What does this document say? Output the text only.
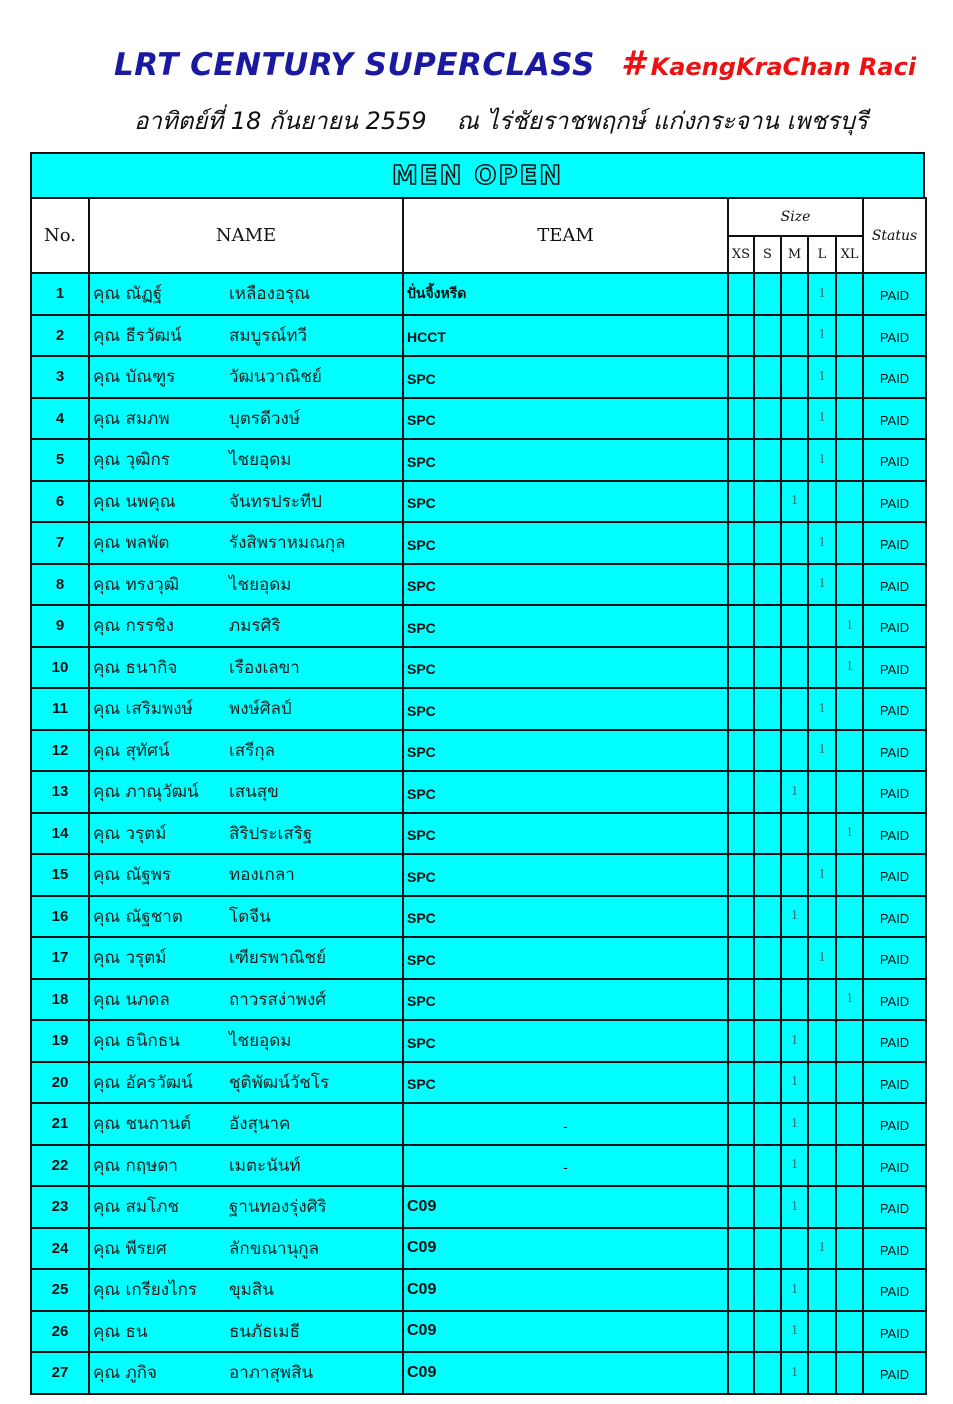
LRT CENTURY SUPERCLASS # KaengKraChan Raci
อาทิตย์ที่ 18 กันยายน 2559 ณ ไร่ชัยราชพฤกษ์ แก่งกระจาน เพชรบุรี
MEN OPEN
No.	NAME	TEAM	Size					Status
			XS	S	M	L	XL	
1	คุณ ณัฏฐ์ เหลืองอรุณ	ปั่นจิ้งหรีด				1		PAID
2	คุณ ธีรวัฒน์ สมบูรณ์ทวี	HCCT				1		PAID
3	คุณ บัณฑูร วัฒนวาณิชย์	SPC				1		PAID
4	คุณ สมภพ บุตรดีวงษ์	SPC				1		PAID
5	คุณ วุฒิกร ไชยอุดม	SPC				1		PAID
6	คุณ นพคุณ จันทรประทีป	SPC			1			PAID
7	คุณ พลพัต รังสิพราหมณกุล	SPC				1		PAID
8	คุณ ทรงวุฒิ ไชยอุดม	SPC				1		PAID
9	คุณ กรรชิง ภมรศิริ	SPC					1	PAID
10	คุณ ธนากิจ เรืองเลขา	SPC					1	PAID
11	คุณ เสริมพงษ์ พงษ์ศิลป์	SPC				1		PAID
12	คุณ สุทัศน์ เสรีกุล	SPC				1		PAID
13	คุณ ภาณุวัฒน์ เสนสุข	SPC			1			PAID
14	คุณ วรุตม์ สิริประเสริฐ	SPC					1	PAID
15	คุณ ณัฐพร ทองเกลา	SPC				1		PAID
16	คุณ ณัฐชาต โตจีน	SPC			1			PAID
17	คุณ วรุตม์ เฑียรพาณิชย์	SPC				1		PAID
18	คุณ นภดล ถาวรสง่าพงศ์	SPC					1	PAID
19	คุณ ธนิกธน ไชยอุดม	SPC			1			PAID
20	คุณ อัครวัฒน์ ชุติพัฒน์วัชโร	SPC			1			PAID
21	คุณ ชนกานต์ อังสุนาค	-			1			PAID
22	คุณ กฤษดา เมตะนันท์	-			1			PAID
23	คุณ สมโภช ฐานทองรุ่งศิริ	C09			1			PAID
24	คุณ พีรยศ ลักขณานุกูล	C09				1		PAID
25	คุณ เกรียงไกร ขุมสิน	C09			1			PAID
26	คุณ ธน ธนภัธเมธี	C09			1			PAID
27	คุณ ภูกิจ อาภาสุพสิน	C09			1			PAID
